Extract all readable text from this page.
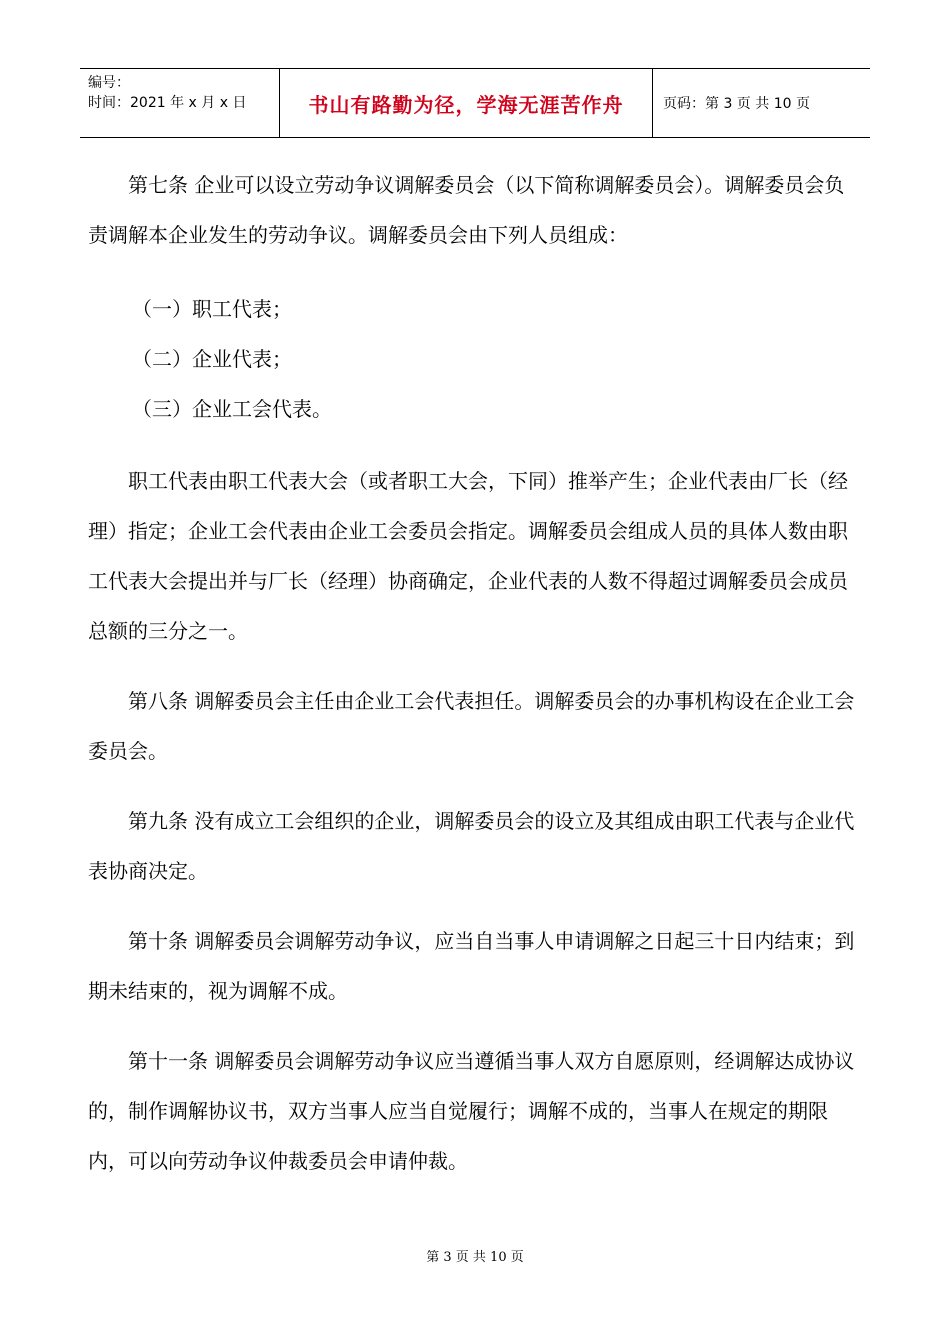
编号：
时间：2021 年 x 月 x 日	书山有路勤为径，学海无涯苦作舟	页码：第 3 页 共 10 页

第七条 企业可以设立劳动争议调解委员会（以下简称调解委员会）。调解委员会负责调解本企业发生的劳动争议。调解委员会由下列人员组成：

（一）职工代表；
（二）企业代表；
（三）企业工会代表。

职工代表由职工代表大会（或者职工大会，下同）推举产生；企业代表由厂长（经理）指定；企业工会代表由企业工会委员会指定。调解委员会组成人员的具体人数由职工代表大会提出并与厂长（经理）协商确定，企业代表的人数不得超过调解委员会成员总额的三分之一。

第八条 调解委员会主任由企业工会代表担任。调解委员会的办事机构设在企业工会委员会。

第九条 没有成立工会组织的企业，调解委员会的设立及其组成由职工代表与企业代表协商决定。

第十条 调解委员会调解劳动争议，应当自当事人申请调解之日起三十日内结束；到期未结束的，视为调解不成。

第十一条 调解委员会调解劳动争议应当遵循当事人双方自愿原则，经调解达成协议的，制作调解协议书，双方当事人应当自觉履行；调解不成的，当事人在规定的期限内，可以向劳动争议仲裁委员会申请仲裁。

第 3 页 共 10 页
